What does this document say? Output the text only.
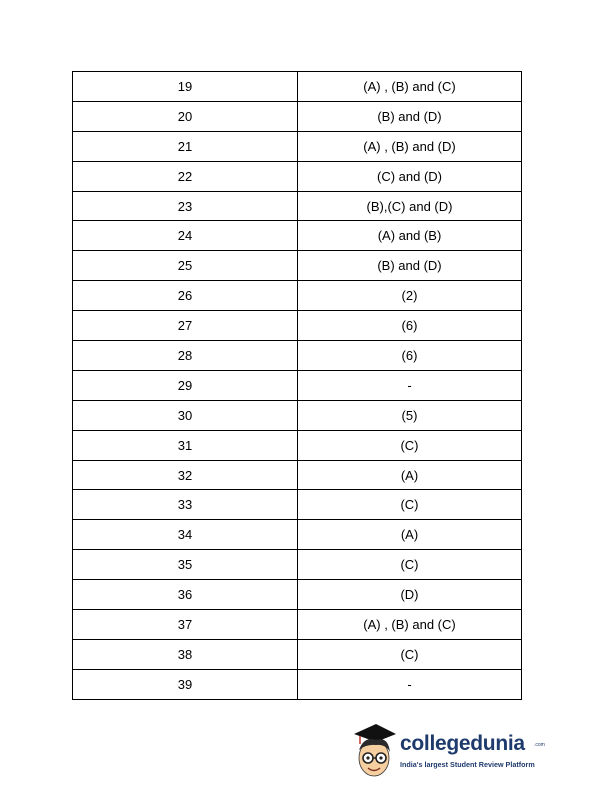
19	(A) , (B) and (C)
20	(B) and (D)
21	(A) , (B) and (D)
22	(C) and (D)
23	(B),(C) and (D)
24	(A) and (B)
25	(B) and (D)
26	(2)
27	(6)
28	(6)
29	-
30	(5)
31	(C)
32	(A)
33	(C)
34	(A)
35	(C)
36	(D)
37	(A) , (B) and (C)
38	(C)
39	-
collegedunia .com
India's largest Student Review Platform
